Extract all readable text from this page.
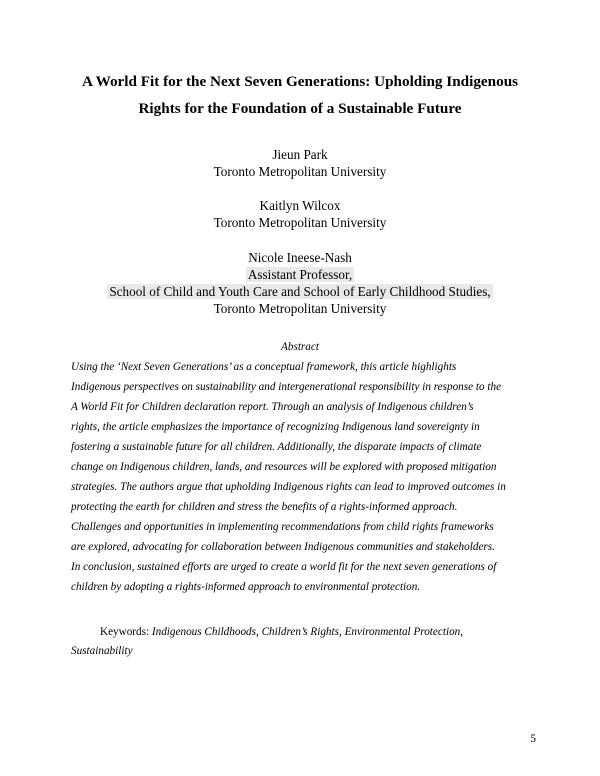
A World Fit for the Next Seven Generations: Upholding Indigenous

Rights for the Foundation of a Sustainable Future

Jieun Park

Toronto Metropolitan University

Kaitlyn Wilcox

Toronto Metropolitan University

Nicole Ineese-Nash

Assistant Professor,

School of Child and Youth Care and School of Early Childhood Studies,

Toronto Metropolitan University

Abstract

Using the ‘Next Seven Generations’ as a conceptual framework, this article highlights

Indigenous perspectives on sustainability and intergenerational responsibility in response to the

A World Fit for Children declaration report. Through an analysis of Indigenous children’s

rights, the article emphasizes the importance of recognizing Indigenous land sovereignty in

fostering a sustainable future for all children. Additionally, the disparate impacts of climate

change on Indigenous children, lands, and resources will be explored with proposed mitigation

strategies. The authors argue that upholding Indigenous rights can lead to improved outcomes in

protecting the earth for children and stress the benefits of a rights-informed approach.

Challenges and opportunities in implementing recommendations from child rights frameworks

are explored, advocating for collaboration between Indigenous communities and stakeholders.

In conclusion, sustained efforts are urged to create a world fit for the next seven generations of

children by adopting a rights-informed approach to environmental protection.

Keywords: Indigenous Childhoods, Children’s Rights, Environmental Protection,

Sustainability

5
